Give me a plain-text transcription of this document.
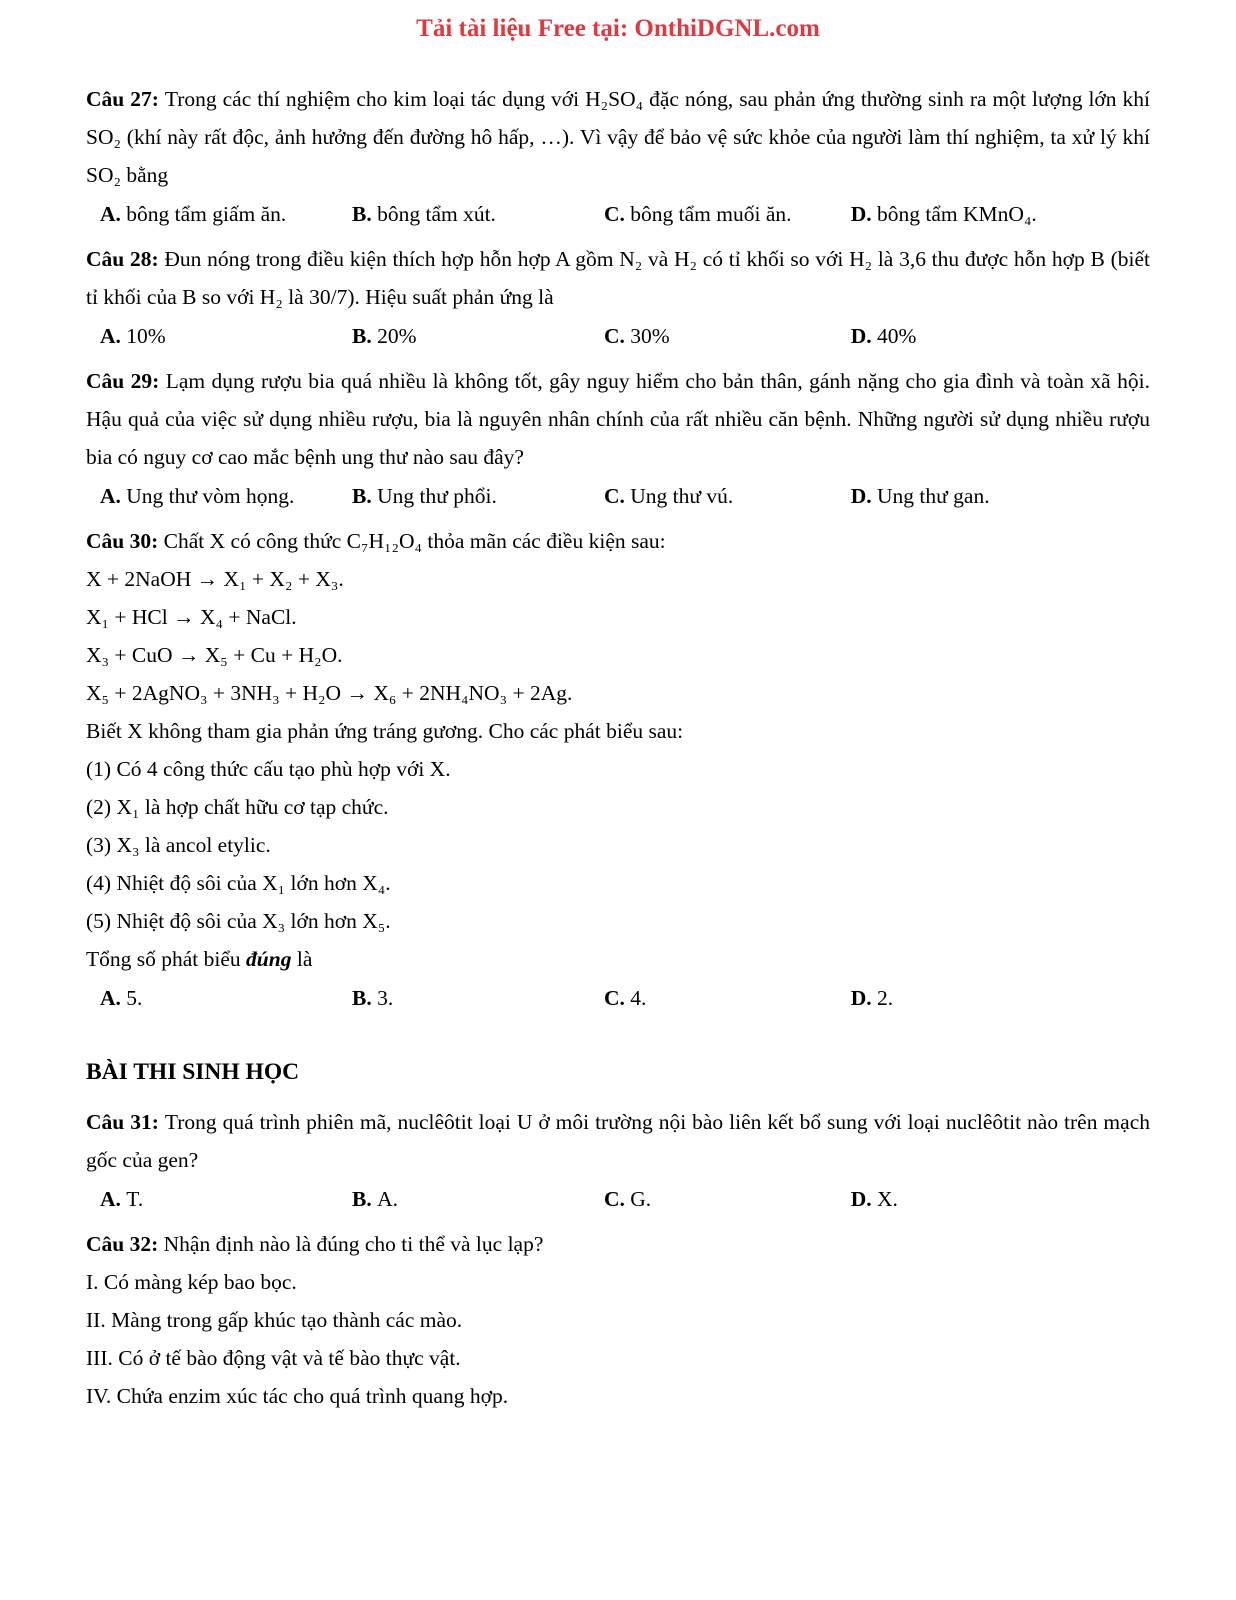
Tải tài liệu Free tại: OnthiDGNL.com

Câu 27: Trong các thí nghiệm cho kim loại tác dụng với H₂SO₄ đặc nóng, sau phản ứng thường sinh ra một lượng lớn khí SO₂ (khí này rất độc, ảnh hưởng đến đường hô hấp, …). Vì vậy để bảo vệ sức khỏe của người làm thí nghiệm, ta xử lý khí SO₂ bằng

A. bông tẩm giấm ăn.	B. bông tẩm xút.	C. bông tẩm muối ăn.	D. bông tẩm KMnO₄.

Câu 28: Đun nóng trong điều kiện thích hợp hỗn hợp A gồm N₂ và H₂ có tỉ khối so với H₂ là 3,6 thu được hỗn hợp B (biết tỉ khối của B so với H₂ là 30/7). Hiệu suất phản ứng là

A. 10%	B. 20%	C. 30%	D. 40%

Câu 29: Lạm dụng rượu bia quá nhiều là không tốt, gây nguy hiểm cho bản thân, gánh nặng cho gia đình và toàn xã hội. Hậu quả của việc sử dụng nhiều rượu, bia là nguyên nhân chính của rất nhiều căn bệnh. Những người sử dụng nhiều rượu bia có nguy cơ cao mắc bệnh ung thư nào sau đây?

A. Ung thư vòm họng.	B. Ung thư phổi.	C. Ung thư vú.	D. Ung thư gan.

Câu 30: Chất X có công thức C₇H₁₂O₄ thỏa mãn các điều kiện sau:

X + 2NaOH → X₁ + X₂ + X₃.

X₁ + HCl → X₄ + NaCl.

X₃ + CuO → X₅ + Cu + H₂O.

X₅ + 2AgNO₃ + 3NH₃ + H₂O → X₆ + 2NH₄NO₃ + 2Ag.

Biết X không tham gia phản ứng tráng gương. Cho các phát biểu sau:

(1) Có 4 công thức cấu tạo phù hợp với X.

(2) X₁ là hợp chất hữu cơ tạp chức.

(3) X₃ là ancol etylic.

(4) Nhiệt độ sôi của X₁ lớn hơn X₄.

(5) Nhiệt độ sôi của X₃ lớn hơn X₅.

Tổng số phát biểu đúng là

A. 5.	B. 3.	C. 4.	D. 2.
BÀI THI SINH HỌC

Câu 31: Trong quá trình phiên mã, nuclêôtit loại U ở môi trường nội bào liên kết bổ sung với loại nuclêôtit nào trên mạch gốc của gen?

A. T.	B. A.	C. G.	D. X.

Câu 32: Nhận định nào là đúng cho ti thể và lục lạp?

I. Có màng kép bao bọc.

II. Màng trong gấp khúc tạo thành các mào.

III. Có ở tế bào động vật và tế bào thực vật.

IV. Chứa enzim xúc tác cho quá trình quang hợp.
